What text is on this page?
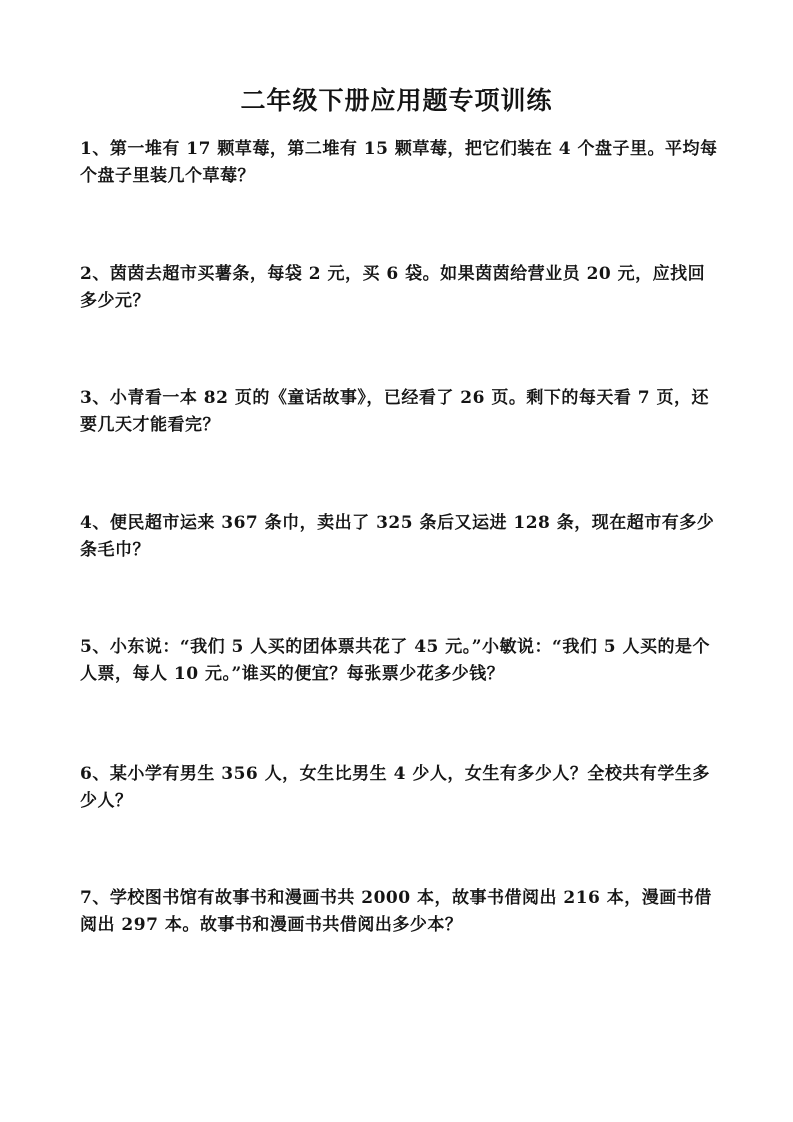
二年级下册应用题专项训练
1、第一堆有 17 颗草莓，第二堆有 15 颗草莓，把它们装在 4 个盘子里。平均每个盘子里装几个草莓？
2、茵茵去超市买薯条，每袋 2 元，买 6 袋。如果茵茵给营业员 20 元，应找回多少元？
3、小青看一本 82 页的《童话故事》，已经看了 26 页。剩下的每天看 7 页，还要几天才能看完？
4、便民超市运来 367 条巾，卖出了 325 条后又运进 128 条，现在超市有多少条毛巾？
5、小东说：“我们 5 人买的团体票共花了 45 元。”小敏说：“我们 5 人买的是个人票，每人 10 元。”谁买的便宜？每张票少花多少钱？
6、某小学有男生 356 人，女生比男生 4 少人，女生有多少人？全校共有学生多少人？
7、学校图书馆有故事书和漫画书共 2000 本，故事书借阅出 216 本，漫画书借阅出 297 本。故事书和漫画书共借阅出多少本？
